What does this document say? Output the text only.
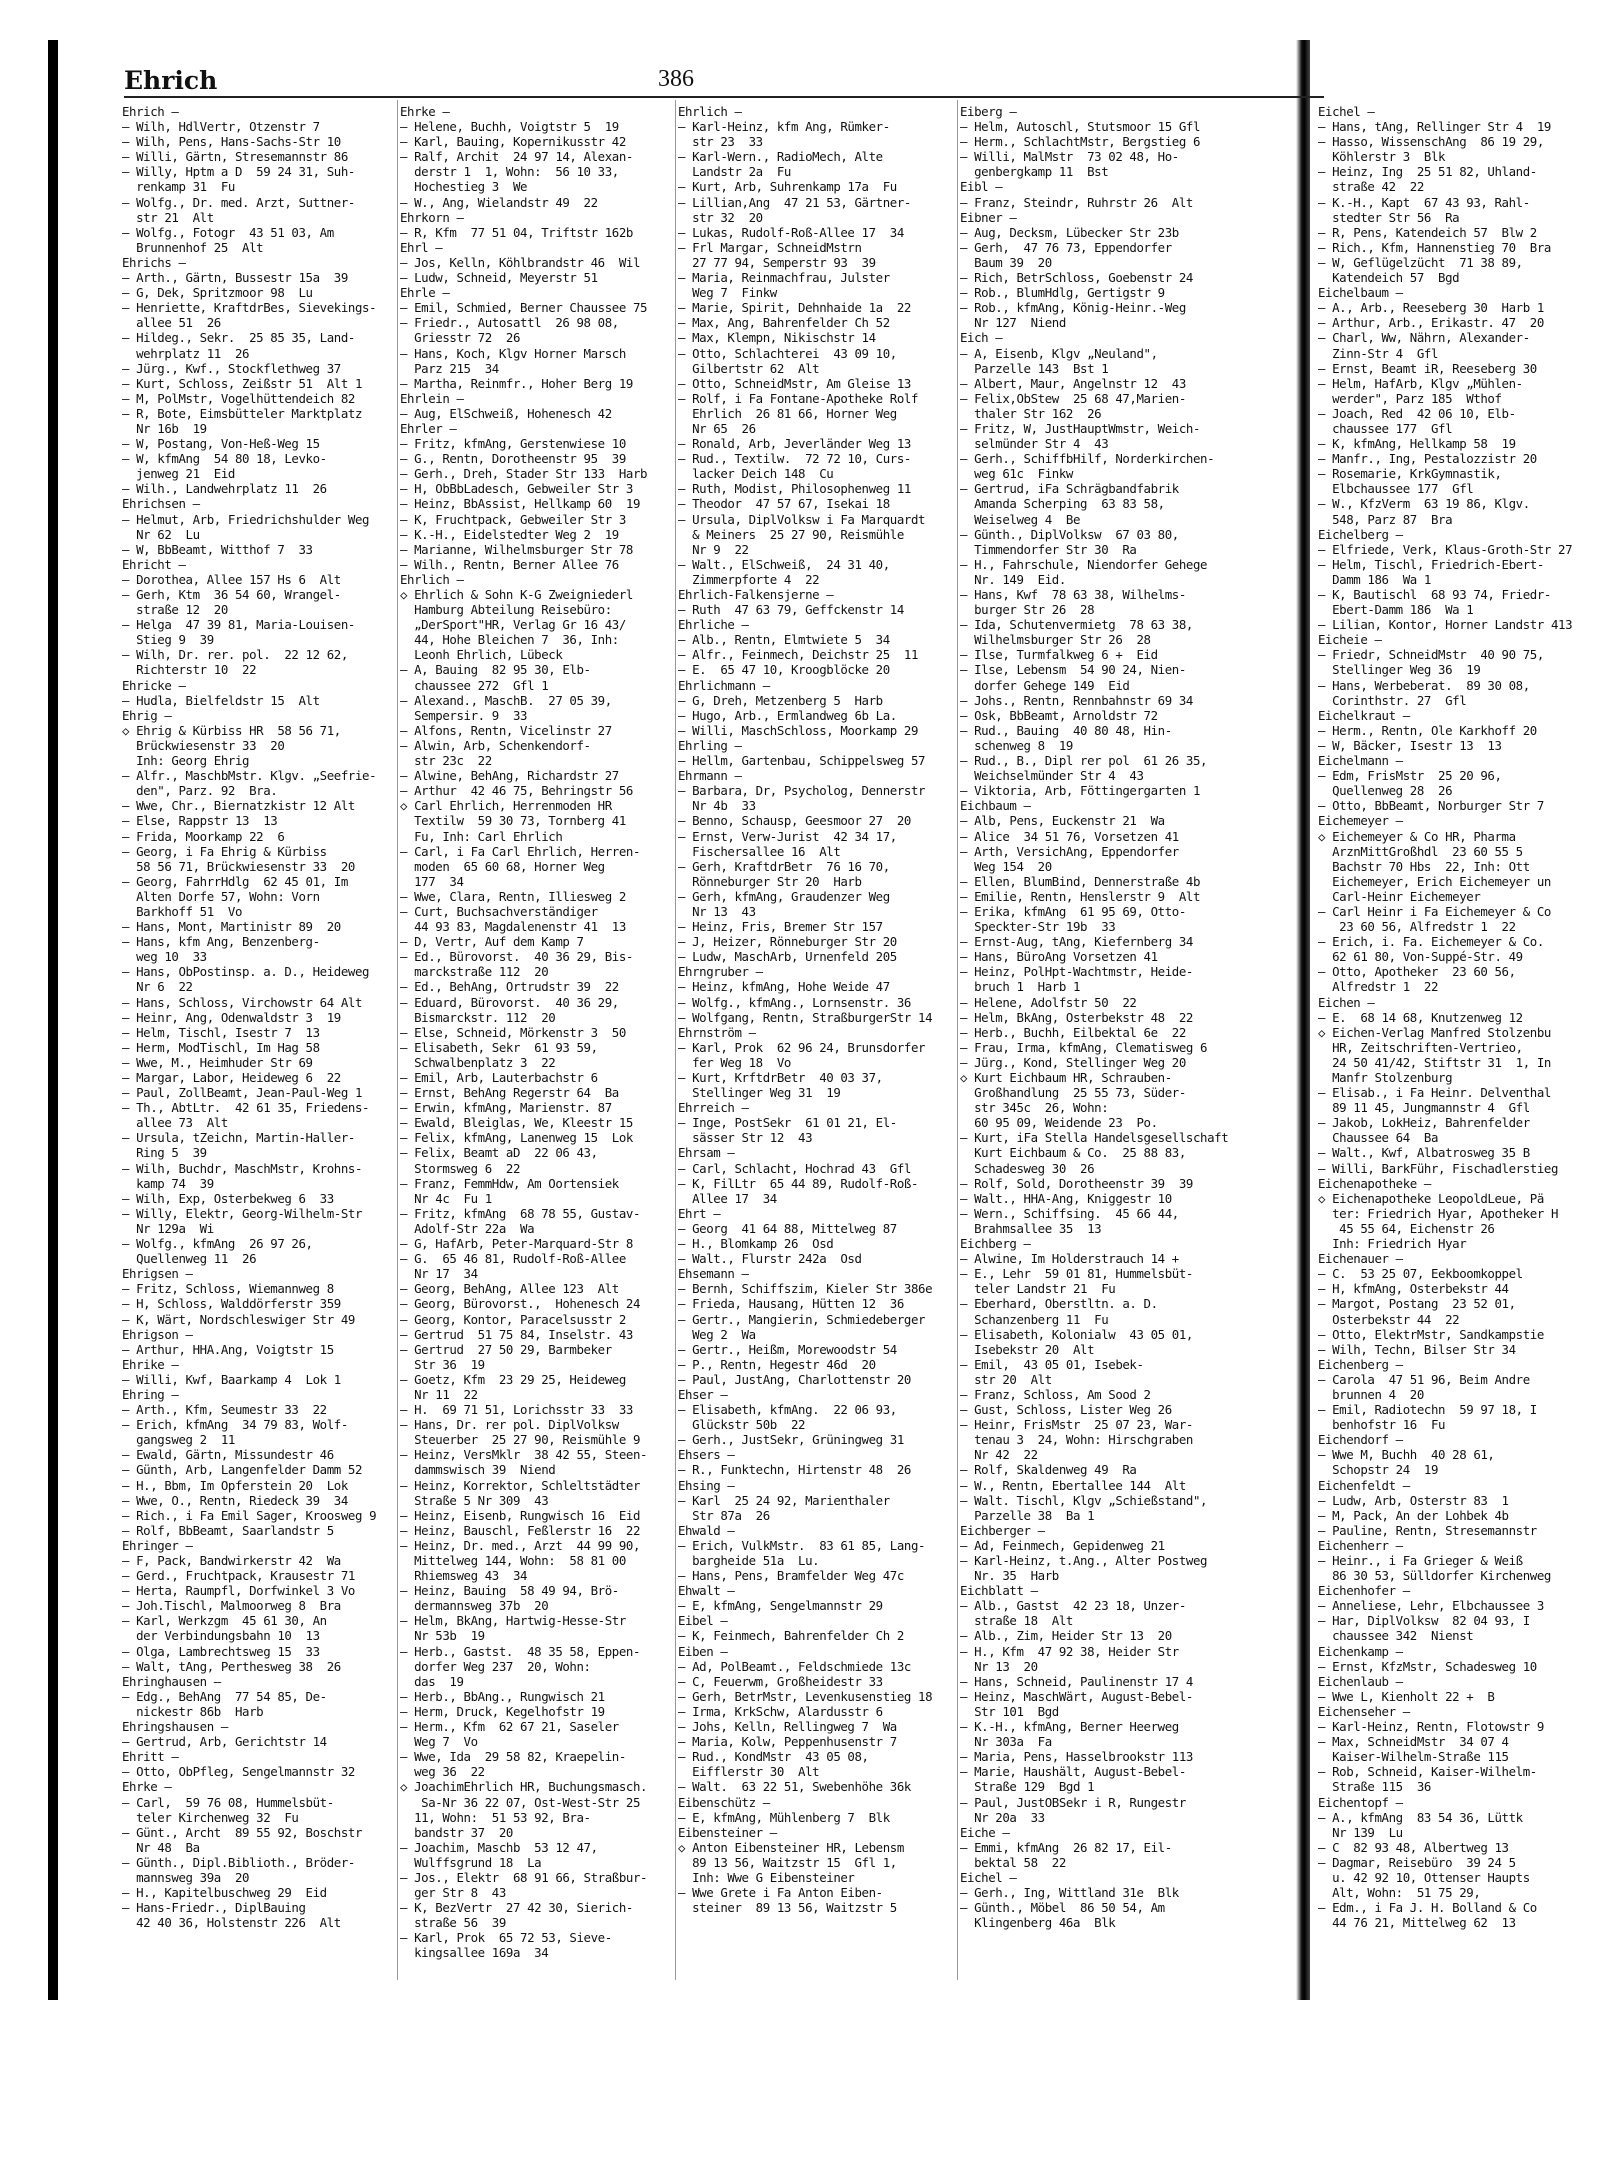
Ehrich	386
Ehrich —
— Wilh, HdlVertr, Otzenstr 7
— Wilh, Pens, Hans-Sachs-Str 10
— Willi, Gärtn, Stresemannstr 86
— Willy, Hptm a D  59 24 31, Suh-
renkamp 31  Fu
— Wolfg., Dr. med. Arzt, Suttner-
str 21  Alt
— Wolfg., Fotogr  43 51 03, Am
Brunnenhof 25  Alt
Ehrichs —
— Arth., Gärtn, Bussestr 15a  39
— G, Dek, Spritzmoor 98  Lu
— Henriette, KraftdrBes, Sievekings-
allee 51  26
— Hildeg., Sekr.  25 85 35, Land-
wehrplatz 11  26
— Jürg., Kwf., Stockflethweg 37
— Kurt, Schloss, Zeißstr 51  Alt 1
— M, PolMstr, Vogelhüttendeich 82
— R, Bote, Eimsbütteler Marktplatz
Nr 16b  19
— W, Postang, Von-Heß-Weg 15
— W, kfmAng  54 80 18, Levko-
jenweg 21  Eid
— Wilh., Landwehrplatz 11  26
Ehrichsen —
— Helmut, Arb, Friedrichshulder Weg
Nr 62  Lu
— W, BbBeamt, Witthof 7  33
Ehricht —
— Dorothea, Allee 157 Hs 6  Alt
— Gerh, Ktm  36 54 60, Wrangel-
straße 12  20
— Helga  47 39 81, Maria-Louisen-
Stieg 9  39
— Wilh, Dr. rer. pol.  22 12 62,
Richterstr 10  22
Ehricke —
— Hudla, Bielfeldstr 15  Alt
Ehrig —
◇ Ehrig & Kürbiss HR  58 56 71,
Brückwiesenstr 33  20
Inh: Georg Ehrig
— Alfr., MaschbMstr. Klgv. „Seefrie-
den", Parz. 92  Bra.
— Wwe, Chr., Biernatzkistr 12 Alt
— Else, Rappstr 13  13
— Frida, Moorkamp 22  6
— Georg, i Fa Ehrig & Kürbiss
58 56 71, Brückwiesenstr 33  20
— Georg, FahrrHdlg  62 45 01, Im
Alten Dorfe 57, Wohn: Vorn
Barkhoff 51  Vo
— Hans, Mont, Martinistr 89  20
— Hans, kfm Ang, Benzenberg-
weg 10  33
— Hans, ObPostinsp. a. D., Heideweg
Nr 6  22
— Hans, Schloss, Virchowstr 64 Alt
— Heinr, Ang, Odenwaldstr 3  19
— Helm, Tischl, Isestr 7  13
— Herm, ModTischl, Im Hag 58
— Wwe, M., Heimhuder Str 69
— Margar, Labor, Heideweg 6  22
— Paul, ZollBeamt, Jean-Paul-Weg 1
— Th., AbtLtr.  42 61 35, Friedens-
allee 73  Alt
— Ursula, tZeichn, Martin-Haller-
Ring 5  39
— Wilh, Buchdr, MaschMstr, Krohns-
kamp 74  39
— Wilh, Exp, Osterbekweg 6  33
— Willy, Elektr, Georg-Wilhelm-Str
Nr 129a  Wi
— Wolfg., kfmAng  26 97 26,
Quellenweg 11  26
Ehrigsen —
— Fritz, Schloss, Wiemannweg 8
— H, Schloss, Walddörferstr 359
— K, Wärt, Nordschleswiger Str 49
Ehrigson —
— Arthur, HHA.Ang, Voigtstr 15
Ehrike —
— Willi, Kwf, Baarkamp 4  Lok 1
Ehring —
— Arth., Kfm, Seumestr 33  22
— Erich, kfmAng  34 79 83, Wolf-
gangsweg 2  11
— Ewald, Gärtn, Missundestr 46
— Günth, Arb, Langenfelder Damm 52
— H., Bbm, Im Opferstein 20  Lok
— Wwe, O., Rentn, Riedeck 39  34
— Rich., i Fa Emil Sager, Kroosweg 9
— Rolf, BbBeamt, Saarlandstr 5
Ehringer —
— F, Pack, Bandwirkerstr 42  Wa
— Gerd., Fruchtpack, Krausestr 71
— Herta, Raumpfl, Dorfwinkel 3 Vo
— Joh.Tischl, Malmoorweg 8  Bra
— Karl, Werkzgm  45 61 30, An
der Verbindungsbahn 10  13
— Olga, Lambrechtsweg 15  33
— Walt, tAng, Perthesweg 38  26
Ehringhausen —
— Edg., BehAng  77 54 85, De-
nickestr 86b  Harb
Ehringshausen —
— Gertrud, Arb, Gerichtstr 14
Ehritt —
— Otto, ObPfleg, Sengelmannstr 32
Ehrke —
— Carl,  59 76 08, Hummelsbüt-
teler Kirchenweg 32  Fu
— Günt., Archt  89 55 92, Boschstr
Nr 48  Ba
— Günth., Dipl.Biblioth., Bröder-
mannsweg 39a  20
— H., Kapitelbuschweg 29  Eid
— Hans-Friedr., DiplBauing
42 40 36, Holstenstr 226  Alt
Ehrke —
— Helene, Buchh, Voigtstr 5  19
— Karl, Bauing, Kopernikusstr 42
— Ralf, Archit  24 97 14, Alexan-
derstr 1  1, Wohn:  56 10 33,
Hochestieg 3  We
— W., Ang, Wielandstr 49  22
Ehrkorn —
— R, Kfm  77 51 04, Triftstr 162b
Ehrl —
— Jos, Kelln, Köhlbrandstr 46  Wil
— Ludw, Schneid, Meyerstr 51
Ehrle —
— Emil, Schmied, Berner Chaussee 75
— Friedr., Autosattl  26 98 08,
Griesstr 72  26
— Hans, Koch, Klgv Horner Marsch
Parz 215  34
— Martha, Reinmfr., Hoher Berg 19
Ehrlein —
— Aug, ElSchweiß, Hohenesch 42
Ehrler —
— Fritz, kfmAng, Gerstenwiese 10
— G., Rentn, Dorotheenstr 95  39
— Gerh., Dreh, Stader Str 133  Harb
— H, ObBbLadesch, Gebweiler Str 3
— Heinz, BbAssist, Hellkamp 60  19
— K, Fruchtpack, Gebweiler Str 3
— K.-H., Eidelstedter Weg 2  19
— Marianne, Wilhelmsburger Str 78
— Wilh., Rentn, Berner Allee 76
Ehrlich —
◇ Ehrlich & Sohn K-G Zweigniederl
Hamburg Abteilung Reisebüro:
„DerSport"HR, Verlag Gr 16 43/
44, Hohe Bleichen 7  36, Inh:
Leonh Ehrlich, Lübeck
— A, Bauing  82 95 30, Elb-
chaussee 272  Gfl 1
— Alexand., MaschB.  27 05 39,
Sempersir. 9  33
— Alfons, Rentn, Vicelinstr 27
— Alwin, Arb, Schenkendorf-
str 23c  22
— Alwine, BehAng, Richardstr 27
— Arthur  42 46 75, Behringstr 56
◇ Carl Ehrlich, Herrenmoden HR
Textilw  59 30 73, Tornberg 41
Fu, Inh: Carl Ehrlich
— Carl, i Fa Carl Ehrlich, Herren-
moden  65 60 68, Horner Weg
177  34
— Wwe, Clara, Rentn, Illiesweg 2
— Curt, Buchsachverständiger
44 93 83, Magdalenenstr 41  13
— D, Vertr, Auf dem Kamp 7
— Ed., Bürovorst.  40 36 29, Bis-
marckstraße 112  20
— Ed., BehAng, Ortrudstr 39  22
— Eduard, Bürovorst.  40 36 29,
Bismarckstr. 112  20
— Else, Schneid, Mörkenstr 3  50
— Elisabeth, Sekr  61 93 59,
Schwalbenplatz 3  22
— Emil, Arb, Lauterbachstr 6
— Ernst, BehAng Regerstr 64  Ba
— Erwin, kfmAng, Marienstr. 87
— Ewald, Bleiglas, We, Kleestr 15
— Felix, kfmAng, Lanenweg 15  Lok
— Felix, Beamt aD  22 06 43,
Stormsweg 6  22
— Franz, FemmHdw, Am Oortensiek
Nr 4c  Fu 1
— Fritz, kfmAng  68 78 55, Gustav-
Adolf-Str 22a  Wa
— G, HafArb, Peter-Marquard-Str 8
— G.  65 46 81, Rudolf-Roß-Allee
Nr 17  34
— Georg, BehAng, Allee 123  Alt
— Georg, Bürovorst.,  Hohenesch 24
— Georg, Kontor, Paracelsusstr 2
— Gertrud  51 75 84, Inselstr. 43
— Gertrud  27 50 29, Barmbeker
Str 36  19
— Goetz, Kfm  23 29 25, Heideweg
Nr 11  22
— H.  69 71 51, Lorichsstr 33  33
— Hans, Dr. rer pol. DiplVolksw
Steuerber  25 27 90, Reismühle 9
— Heinz, VersMklr  38 42 55, Steen-
dammswisch 39  Niend
— Heinz, Korrektor, Schleltstädter
Straße 5 Nr 309  43
— Heinz, Eisenb, Rungwisch 16  Eid
— Heinz, Bauschl, Feßlerstr 16  22
— Heinz, Dr. med., Arzt  44 99 90,
Mittelweg 144, Wohn:  58 81 00
Rhiemsweg 43  34
— Heinz, Bauing  58 49 94, Brö-
dermannsweg 37b  20
— Helm, BkAng, Hartwig-Hesse-Str
Nr 53b  19
— Herb., Gastst.  48 35 58, Eppen-
dorfer Weg 237  20, Wohn:
das  19
— Herb., BbAng., Rungwisch 21
— Herm, Druck, Kegelhofstr 19
— Herm., Kfm  62 67 21, Saseler
Weg 7  Vo
— Wwe, Ida  29 58 82, Kraepelin-
weg 36  22
◇ JoachimEhrlich HR, Buchungsmasch.
Sa-Nr 36 22 07, Ost-West-Str 25
11, Wohn:  51 53 92, Bra-
bandstr 37  20
— Joachim, Maschb  53 12 47,
Wulffsgrund 18  La
— Jos., Elektr  68 91 66, Straßbur-
ger Str 8  43
— K, BezVertr  27 42 30, Sierich-
straße 56  39
— Karl, Prok  65 72 53, Sieve-
kingsallee 169a  34
Ehrlich —
— Karl-Heinz, kfm Ang, Rümker-
str 23  33
— Karl-Wern., RadioMech, Alte
Landstr 2a  Fu
— Kurt, Arb, Suhrenkamp 17a  Fu
— Lillian,Ang  47 21 53, Gärtner-
str 32  20
— Lukas, Rudolf-Roß-Allee 17  34
— Frl Margar, SchneidMstrn
27 77 94, Semperstr 93  39
— Maria, Reinmachfrau, Julster
Weg 7  Finkw
— Marie, Spirit, Dehnhaide 1a  22
— Max, Ang, Bahrenfelder Ch 52
— Max, Klempn, Nikischstr 14
— Otto, Schlachterei  43 09 10,
Gilbertstr 62  Alt
— Otto, SchneidMstr, Am Gleise 13
— Rolf, i Fa Fontane-Apotheke Rolf
Ehrlich  26 81 66, Horner Weg
Nr 65  26
— Ronald, Arb, Jeverländer Weg 13
— Rud., Textilw.  72 72 10, Curs-
lacker Deich 148  Cu
— Ruth, Modist, Philosophenweg 11
— Theodor  47 57 67, Isekai 18
— Ursula, DiplVolksw i Fa Marquardt
& Meiners  25 27 90, Reismühle
Nr 9  22
— Walt., ElSchweiß,  24 31 40,
Zimmerpforte 4  22
Ehrlich-Falkensjerne —
— Ruth  47 63 79, Geffckenstr 14
Ehrliche —
— Alb., Rentn, Elmtwiete 5  34
— Alfr., Feinmech, Deichstr 25  11
— E.  65 47 10, Kroogblöcke 20
Ehrlichmann —
— G, Dreh, Metzenberg 5  Harb
— Hugo, Arb., Ermlandweg 6b La.
— Willi, MaschSchloss, Moorkamp 29
Ehrling —
— Hellm, Gartenbau, Schippelsweg 57
Ehrmann —
— Barbara, Dr, Psycholog, Dennerstr
Nr 4b  33
— Benno, Schausp, Geesmoor 27  20
— Ernst, Verw-Jurist  42 34 17,
Fischersallee 16  Alt
— Gerh, KraftdrBetr  76 16 70,
Rönneburger Str 20  Harb
— Gerh, kfmAng, Graudenzer Weg
Nr 13  43
— Heinz, Fris, Bremer Str 157
— J, Heizer, Rönneburger Str 20
— Ludw, MaschArb, Urnenfeld 205
Ehrngruber —
— Heinz, kfmAng, Hohe Weide 47
— Wolfg., kfmAng., Lornsenstr. 36
— Wolfgang, Rentn, StraßburgerStr 14
Ehrnström —
— Karl, Prok  62 96 24, Brunsdorfer
fer Weg 18  Vo
— Kurt, KrftdrBetr  40 03 37,
Stellinger Weg 31  19
Ehrreich —
— Inge, PostSekr  61 01 21, El-
sässer Str 12  43
Ehrsam —
— Carl, Schlacht, Hochrad 43  Gfl
— K, FilLtr  65 44 89, Rudolf-Roß-
Allee 17  34
Ehrt —
— Georg  41 64 88, Mittelweg 87
— H., Blomkamp 26  Osd
— Walt., Flurstr 242a  Osd
Ehsemann —
— Bernh, Schiffszim, Kieler Str 386e
— Frieda, Hausang, Hütten 12  36
— Gertr., Mangierin, Schmiedeberger
Weg 2  Wa
— Gertr., Heißm, Morewoodstr 54
— P., Rentn, Hegestr 46d  20
— Paul, JustAng, Charlottenstr 20
Ehser —
— Elisabeth, kfmAng.  22 06 93,
Glückstr 50b  22
— Gerh., JustSekr, Grüningweg 31
Ehsers —
— R., Funktechn, Hirtenstr 48  26
Ehsing —
— Karl  25 24 92, Marienthaler
Str 87a  26
Ehwald —
— Erich, VulkMstr.  83 61 85, Lang-
bargheide 51a  Lu.
— Hans, Pens, Bramfelder Weg 47c
Ehwalt —
— E, kfmAng, Sengelmannstr 29
Eibel —
— K, Feinmech, Bahrenfelder Ch 2
Eiben —
— Ad, PolBeamt., Feldschmiede 13c
— C, Feuerwm, Großheidestr 33
— Gerh, BetrMstr, Levenkusenstieg 18
— Irma, KrkSchw, Alardusstr 6
— Johs, Kelln, Rellingweg 7  Wa
— Maria, Kolw, Peppenhusenstr 7
— Rud., KondMstr  43 05 08,
Eifflerstr 30  Alt
— Walt.  63 22 51, Swebenhöhe 36k
Eibenschütz —
— E, kfmAng, Mühlenberg 7  Blk
Eibensteiner —
◇ Anton Eibensteiner HR, Lebensm
89 13 56, Waitzstr 15  Gfl 1,
Inh: Wwe G Eibensteiner
— Wwe Grete i Fa Anton Eiben-
steiner  89 13 56, Waitzstr 5
Eiberg —
— Helm, Autoschl, Stutsmoor 15 Gfl
— Herm., SchlachtMstr, Bergstieg 6
— Willi, MalMstr  73 02 48, Ho-
genbergkamp 11  Bst
Eibl —
— Franz, Steindr, Ruhrstr 26  Alt
Eibner —
— Aug, Decksm, Lübecker Str 23b
— Gerh,  47 76 73, Eppendorfer
Baum 39  20
— Rich, BetrSchloss, Goebenstr 24
— Rob., BlumHdlg, Gertigstr 9
— Rob., kfmAng, König-Heinr.-Weg
Nr 127  Niend
Eich —
— A, Eisenb, Klgv „Neuland",
Parzelle 143  Bst 1
— Albert, Maur, Angelnstr 12  43
— Felix,ObStew  25 68 47,Marien-
thaler Str 162  26
— Fritz, W, JustHauptWmstr, Weich-
selmünder Str 4  43
— Gerh., SchiffbHilf, Norderkirchen-
weg 61c  Finkw
— Gertrud, iFa Schrägbandfabrik
Amanda Scherping  63 83 58,
Weiselweg 4  Be
— Günth., DiplVolksw  67 03 80,
Timmendorfer Str 30  Ra
— H., Fahrschule, Niendorfer Gehege
Nr. 149  Eid.
— Hans, Kwf  78 63 38, Wilhelms-
burger Str 26  28
— Ida, Schutenvermietg  78 63 38,
Wilhelmsburger Str 26  28
— Ilse, Turmfalkweg 6 +  Eid
— Ilse, Lebensm  54 90 24, Nien-
dorfer Gehege 149  Eid
— Johs., Rentn, Rennbahnstr 69 34
— Osk, BbBeamt, Arnoldstr 72
— Rud., Bauing  40 80 48, Hin-
schenweg 8  19
— Rud., B., Dipl rer pol  61 26 35,
Weichselmünder Str 4  43
— Viktoria, Arb, Föttingergarten 1
Eichbaum —
— Alb, Pens, Euckenstr 21  Wa
— Alice  34 51 76, Vorsetzen 41
— Arth, VersichAng, Eppendorfer
Weg 154  20
— Ellen, BlumBind, Dennerstraße 4b
— Emilie, Rentn, Henslerstr 9  Alt
— Erika, kfmAng  61 95 69, Otto-
Speckter-Str 19b  33
— Ernst-Aug, tAng, Kiefernberg 34
— Hans, BüroAng Vorsetzen 41
— Heinz, PolHpt-Wachtmstr, Heide-
bruch 1  Harb 1
— Helene, Adolfstr 50  22
— Helm, BkAng, Osterbekstr 48  22
— Herb., Buchh, Eilbektal 6e  22
— Frau, Irma, kfmAng, Clematisweg 6
— Jürg., Kond, Stellinger Weg 20
◇ Kurt Eichbaum HR, Schrauben-
Großhandlung  25 55 73, Süder-
str 345c  26, Wohn:
60 95 09, Weidende 23  Po.
— Kurt, iFa Stella Handelsgesellschaft
Kurt Eichbaum & Co.  25 88 83,
Schadesweg 30  26
— Rolf, Sold, Dorotheenstr 39  39
— Walt., HHA-Ang, Kniggestr 10
— Wern., Schiffsing.  45 66 44,
Brahmsallee 35  13
Eichberg —
— Alwine, Im Holderstrauch 14 +
— E., Lehr  59 01 81, Hummelsbüt-
teler Landstr 21  Fu
— Eberhard, Oberstltn. a. D.
Schanzenberg 11  Fu
— Elisabeth, Kolonialw  43 05 01,
Isebekstr 20  Alt
— Emil,  43 05 01, Isebek-
str 20  Alt
— Franz, Schloss, Am Sood 2
— Gust, Schloss, Lister Weg 26
— Heinr, FrisMstr  25 07 23, War-
tenau 3  24, Wohn: Hirschgraben
Nr 42  22
— Rolf, Skaldenweg 49  Ra
— W., Rentn, Ebertallee 144  Alt
— Walt. Tischl, Klgv „Schießstand",
Parzelle 38  Ba 1
Eichberger —
— Ad, Feinmech, Gepidenweg 21
— Karl-Heinz, t.Ang., Alter Postweg
Nr. 35  Harb
Eichblatt —
— Alb., Gastst  42 23 18, Unzer-
straße 18  Alt
— Alb., Zim, Heider Str 13  20
— H., Kfm  47 92 38, Heider Str
Nr 13  20
— Hans, Schneid, Paulinenstr 17 4
— Heinz, MaschWärt, August-Bebel-
Str 101  Bgd
— K.-H., kfmAng, Berner Heerweg
Nr 303a  Fa
— Maria, Pens, Hasselbrookstr 113
— Marie, Haushält, August-Bebel-
Straße 129  Bgd 1
— Paul, JustOBSekr i R, Rungestr
Nr 20a  33
Eiche —
— Emmi, kfmAng  26 82 17, Eil-
bektal 58  22
Eichel —
— Gerh., Ing, Wittland 31e  Blk
— Günth., Möbel  86 50 54, Am
Klingenberg 46a  Blk
Eichel —
— Hans, tAng, Rellinger Str 4  19
— Hasso, WissenschAng  86 19 29,
Köhlerstr 3  Blk
— Heinz, Ing  25 51 82, Uhland-
straße 42  22
— K.-H., Kapt  67 43 93, Rahl-
stedter Str 56  Ra
— R, Pens, Katendeich 57  Blw 2
— Rich., Kfm, Hannenstieg 70  Bra
— W, Geflügelzücht  71 38 89,
Katendeich 57  Bgd
Eichelbaum —
— A., Arb., Reeseberg 30  Harb 1
— Arthur, Arb., Erikastr. 47  20
— Charl, Ww, Nährn, Alexander-
Zinn-Str 4  Gfl
— Ernst, Beamt iR, Reeseberg 30
— Helm, HafArb, Klgv „Mühlen-
werder", Parz 185  Wthof
— Joach, Red  42 06 10, Elb-
chaussee 177  Gfl
— K, kfmAng, Hellkamp 58  19
— Manfr., Ing, Pestalozzistr 20
— Rosemarie, KrkGymnastik,
Elbchaussee 177  Gfl
— W., KfzVerm  63 19 86, Klgv.
548, Parz 87  Bra
Eichelberg —
— Elfriede, Verk, Klaus-Groth-Str 27
— Helm, Tischl, Friedrich-Ebert-
Damm 186  Wa 1
— K, Bautischl  68 93 74, Friedr-
Ebert-Damm 186  Wa 1
— Lilian, Kontor, Horner Landstr 413
Eicheie —
— Friedr, SchneidMstr  40 90 75,
Stellinger Weg 36  19
— Hans, Werbeberat.  89 30 08,
Corinthstr. 27  Gfl
Eichelkraut —
— Herm., Rentn, Ole Karkhoff 20
— W, Bäcker, Isestr 13  13
Eichelmann —
— Edm, FrisMstr  25 20 96,
Quellenweg 28  26
— Otto, BbBeamt, Norburger Str 7
Eichemeyer —
◇ Eichemeyer & Co HR, Pharma
ArznMittGroßhdl  23 60 55 5
Bachstr 70 Hbs  22, Inh: Ott
Eichemeyer, Erich Eichemeyer un
Carl-Heinr Eichemeyer
— Carl Heinr i Fa Eichemeyer & Co
23 60 56, Alfredstr 1  22
— Erich, i. Fa. Eichemeyer & Co.
62 61 80, Von-Suppé-Str. 49
— Otto, Apotheker  23 60 56,
Alfredstr 1  22
Eichen —
— E.  68 14 68, Knutzenweg 12
◇ Eichen-Verlag Manfred Stolzenbu
HR, Zeitschriften-Vertrieo,
24 50 41/42, Stiftstr 31  1, In
Manfr Stolzenburg
— Elisab., i Fa Heinr. Delventhal
89 11 45, Jungmannstr 4  Gfl
— Jakob, LokHeiz, Bahrenfelder
Chaussee 64  Ba
— Walt., Kwf, Albatrosweg 35 B
— Willi, BarkFühr, Fischadlerstieg
Eichenapotheke —
◇ Eichenapotheke LeopoldLeue, Pä
ter: Friedrich Hyar, Apotheker H
45 55 64, Eichenstr 26
Inh: Friedrich Hyar
Eichenauer —
— C.  53 25 07, Eekboomkoppel
— H, kfmAng, Osterbekstr 44
— Margot, Postang  23 52 01,
Osterbekstr 44  22
— Otto, ElektrMstr, Sandkampstie
— Wilh, Techn, Bilser Str 34
Eichenberg —
— Carola  47 51 96, Beim Andre
brunnen 4  20
— Emil, Radiotechn  59 97 18, I
benhofstr 16  Fu
Eichendorf —
— Wwe M, Buchh  40 28 61,
Schopstr 24  19
Eichenfeldt —
— Ludw, Arb, Osterstr 83  1
— M, Pack, An der Lohbek 4b
— Pauline, Rentn, Stresemannstr
Eichenherr —
— Heinr., i Fa Grieger & Weiß
86 30 53, Sülldorfer Kirchenweg
Eichenhofer —
— Anneliese, Lehr, Elbchaussee 3
— Har, DiplVolksw  82 04 93, I
chaussee 342  Nienst
Eichenkamp —
— Ernst, KfzMstr, Schadesweg 10
Eichenlaub —
— Wwe L, Kienholt 22 +  B
Eichenseher —
— Karl-Heinz, Rentn, Flotowstr 9
— Max, SchneidMstr  34 07 4
Kaiser-Wilhelm-Straße 115
— Rob, Schneid, Kaiser-Wilhelm-
Straße 115  36
Eichentopf —
— A., kfmAng  83 54 36, Lüttk
Nr 139  Lu
— C  82 93 48, Albertweg 13
— Dagmar, Reisebüro  39 24 5
u. 42 92 10, Ottenser Haupts
Alt, Wohn:  51 75 29,
— Edm., i Fa J. H. Bolland & Co
44 76 21, Mittelweg 62  13
